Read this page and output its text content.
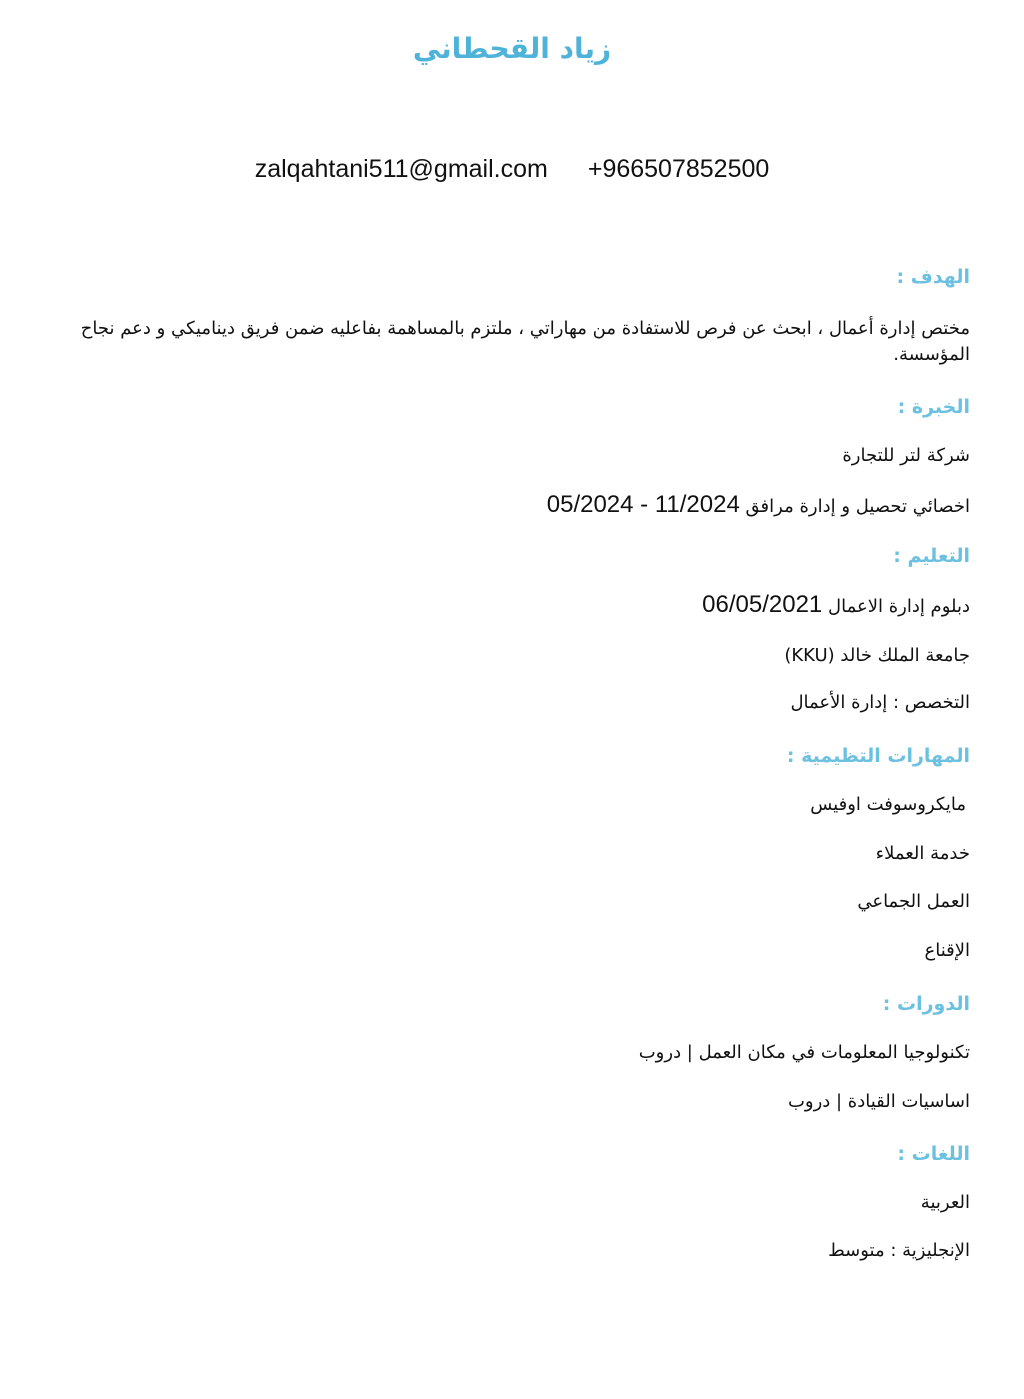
زياد القحطاني
zalqahtani511@gmail.com +966507852500
الهدف :
مختص إدارة أعمال ، ابحث عن فرص للاستفادة من مهاراتي ، ملتزم بالمساهمة بفاعليه ضمن فريق ديناميكي و دعم نجاح المؤسسة.
الخبرة :
شركة لتر للتجارة
اخصائي تحصيل و إدارة مرافق 05/2024 - 11/2024
التعليم :
دبلوم إدارة الاعمال 06/05/2021
جامعة الملك خالد (KKU)
التخصص : إدارة الأعمال
المهارات التظيمية :
مايكروسوفت اوفيس
خدمة العملاء
العمل الجماعي
الإقناع
الدورات :
تكنولوجيا المعلومات في مكان العمل | دروب
اساسيات القيادة | دروب
اللغات :
العربية
الإنجليزية : متوسط
